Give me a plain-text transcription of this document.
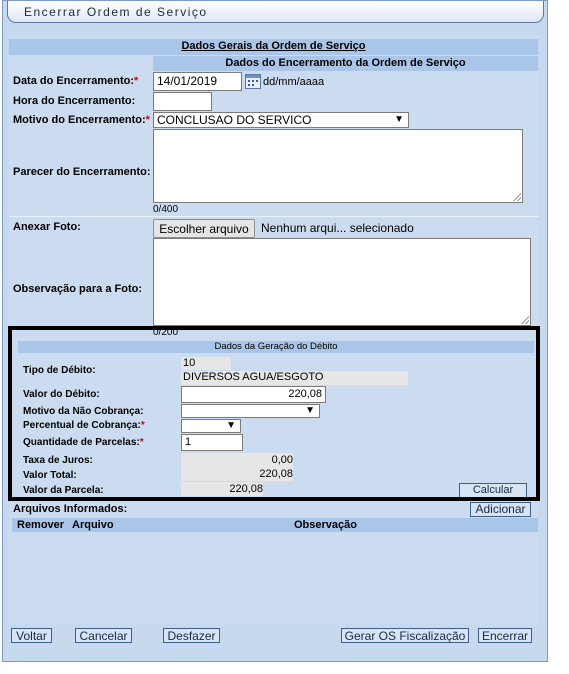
Encerrar Ordem de Serviço
Dados Gerais da Ordem de Serviço
Dados do Encerramento da Ordem de Serviço
Data do Encerramento:*	14/01/2019	dd/mm/aaaa
Hora do Encerramento:
Motivo do Encerramento:* CONCLUSAO DO SERVICO	▼
Parecer do Encerramento:
0/400
Anexar Foto:	Escolher arquivo	Nenhum arqui... selecionado
Observação para a Foto:
0/200
Dados da Geração do Débito
Tipo de Débito:
10
DIVERSOS AGUA/ESGOTO
Valor do Débito:	220,08
Motivo da Não Cobrança:	▼
Percentual de Cobrança:*	▼
Quantidade de Parcelas:*	1
Taxa de Juros:	0,00
Valor Total:	220,08
Valor da Parcela:	220,08	Calcular
Arquivos Informados:	Adicionar
Remover Arquivo	Observação
Voltar	Cancelar	Desfazer	Gerar OS Fiscalização	Encerrar
